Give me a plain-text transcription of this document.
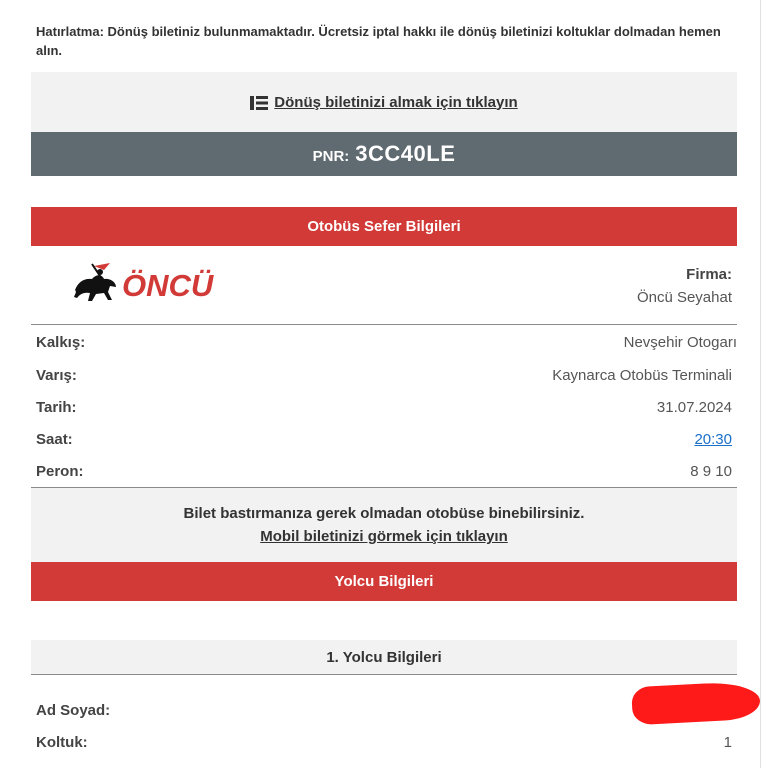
Hatırlatma: Dönüş biletiniz bulunmamaktadır. Ücretsiz iptal hakkı ile dönüş biletinizi koltuklar dolmadan hemen alın.
Dönüş biletinizi almak için tıklayın
PNR: 3CC40LE
Otobüs Sefer Bilgileri
ÖNCÜ	Firma:
Öncü Seyahat
Kalkış:	Nevşehir Otogarı
Varış:	Kaynarca Otobüs Terminali
Tarih:	31.07.2024
Saat:	20:30
Peron:	8 9 10
Bilet bastırmanıza gerek olmadan otobüse binebilirsiniz.
Mobil biletinizi görmek için tıklayın
Yolcu Bilgileri
1. Yolcu Bilgileri
Ad Soyad:
Koltuk:	1
